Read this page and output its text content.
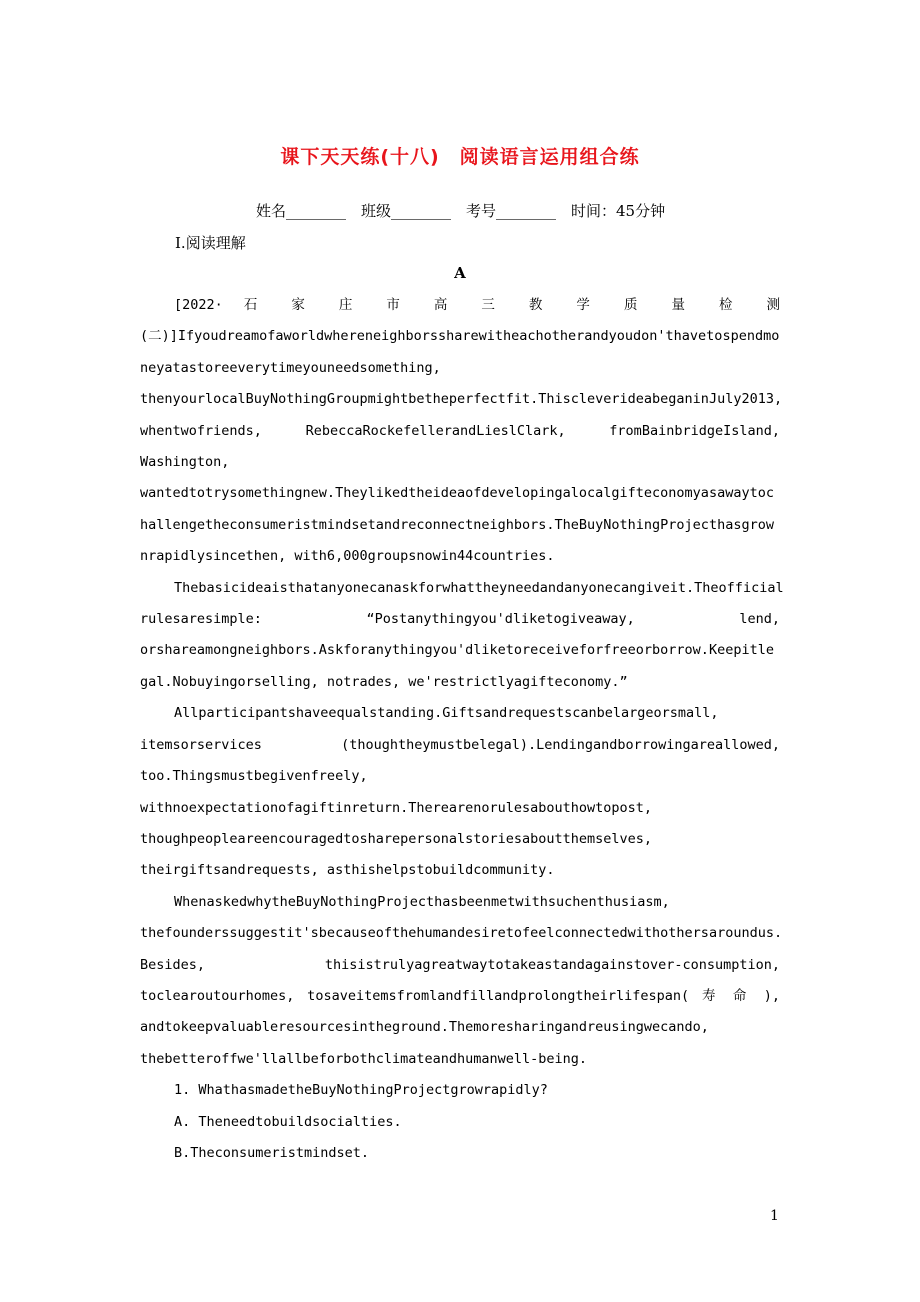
课下天天练(十八)　阅读语言运用组合练
姓名________　班级________　考号________　时间：45分钟
Ⅰ.阅读理解
A

[2022· 石 家 庄 市 高 三 教 学 质 量 检 测

(二)]Ifyoudreamofaworldwhereneighborssharewitheachotherandyoudon'thavetospendmoneyatastoreeverytimeyouneedsomething,

thenyourlocalBuyNothingGroupmightbetheperfectfit.ThiscleverideabeganinJuly2013,

whentwofriends, RebeccaRockefellerandLieslClark, fromBainbridgeIsland,

Washington,

wantedtotrysomethingnew.Theylikedtheideaofdevelopingalocalgifteconomyasawaytochallengetheconsumeristmindsetandreconnectneighbors.TheBuyNothingProjecthasgrownrapidlysincethen, with6,000groupsnowin44countries.

Thebasicideaisthatanyonecanaskforwhattheyneedandanyonecangiveit.Theofficial

rulesaresimple: “Postanythingyou'dliketogiveaway, lend,

orshareamongneighbors.Askforanythingyou'dliketoreceiveforfreeorborrow.Keepitlegal.Nobuyingorselling, notrades, we'restrictlyagifteconomy.”

Allparticipantshaveequalstanding.Giftsandrequestscanbelargeorsmall,

itemsorservices (thoughtheymustbelegal).Lendingandborrowingareallowed,

too.Thingsmustbegivenfreely,

withnoexpectationofagiftinreturn.Therearenorulesabouthowtopost,

thoughpeopleareencouragedtosharepersonalstoriesaboutthemselves,

theirgiftsandrequests, asthishelpstobuildcommunity.

WhenaskedwhytheBuyNothingProjecthasbeenmetwithsuchenthusiasm,

thefounderssuggestit'sbecauseofthehumandesiretofeelconnectedwithothersaroundus.

Besides, thisistrulyagreatwaytotakeastandagainstover-consumption,

toclearoutourhomes, tosaveitemsfromlandfillandprolongtheirlifespan( 寿 命 ),

andtokeepvaluableresourcesintheground.Themoresharingandreusingwecando,

thebetteroffwe'llallbeforbothclimateandhumanwell-being.

1. WhathasmadetheBuyNothingProjectgrowrapidly?

A. Theneedtobuildsocialties.

B.Theconsumeristmindset.

1
